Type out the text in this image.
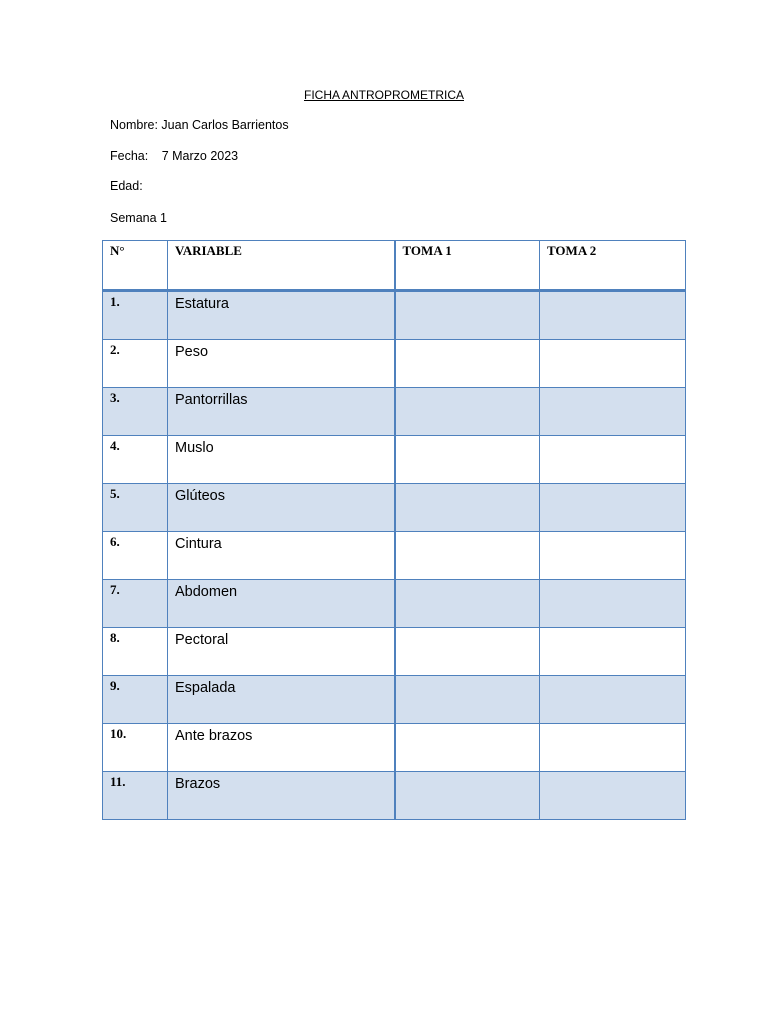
FICHA ANTROPROMETRICA
Nombre: Juan Carlos Barrientos
Fecha: 7 Marzo 2023
Edad:
Semana 1
N°	VARIABLE	TOMA 1	TOMA 2
1.	Estatura		
2.	Peso		
3.	Pantorrillas		
4.	Muslo		
5.	Glúteos		
6.	Cintura		
7.	Abdomen		
8.	Pectoral		
9.	Espalada		
10.	Ante brazos		
11.	Brazos		
